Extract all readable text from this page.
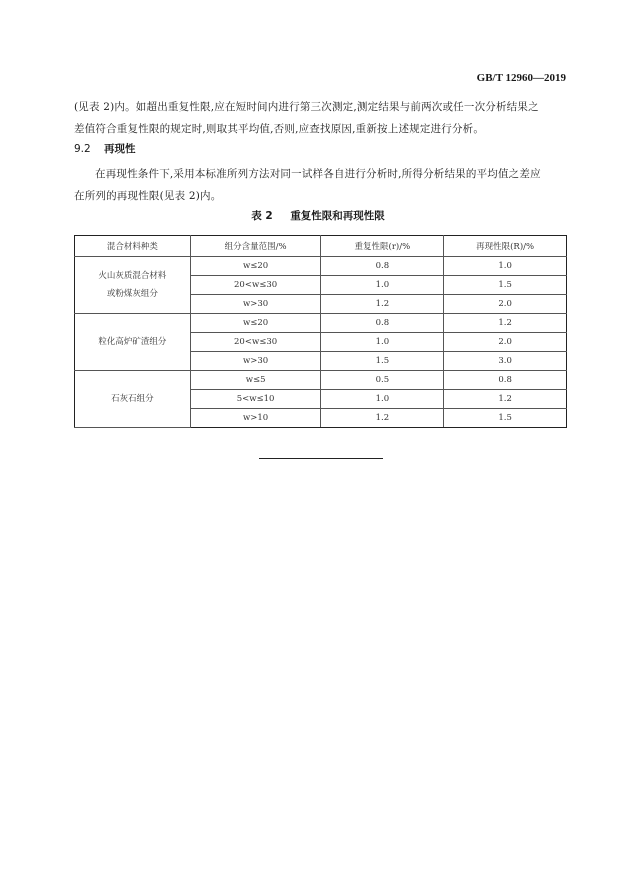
GB/T 12960—2019

(见表 2)内。如超出重复性限,应在短时间内进行第三次测定,测定结果与前两次或任一次分析结果之

差值符合重复性限的规定时,则取其平均值,否则,应查找原因,重新按上述规定进行分析。

9.2 再现性

在再现性条件下,采用本标准所列方法对同一试样各自进行分析时,所得分析结果的平均值之差应

在所列的再现性限(见表 2)内。

表 2 重复性限和再现性限
混合材料种类	组分含量范围/%	重复性限(r)/%	再现性限(R)/%

火山灰质混合材料
或粉煤灰组分	w≤20	0.8	1.0
	20<w≤30	1.0	1.5
	w>30	1.2	2.0

粒化高炉矿渣组分	w≤20	0.8	1.2
	20<w≤30	1.0	2.0
	w>30	1.5	3.0

石灰石组分	w≤5	0.5	0.8
	5<w≤10	1.0	1.2
	w>10	1.2	1.5
